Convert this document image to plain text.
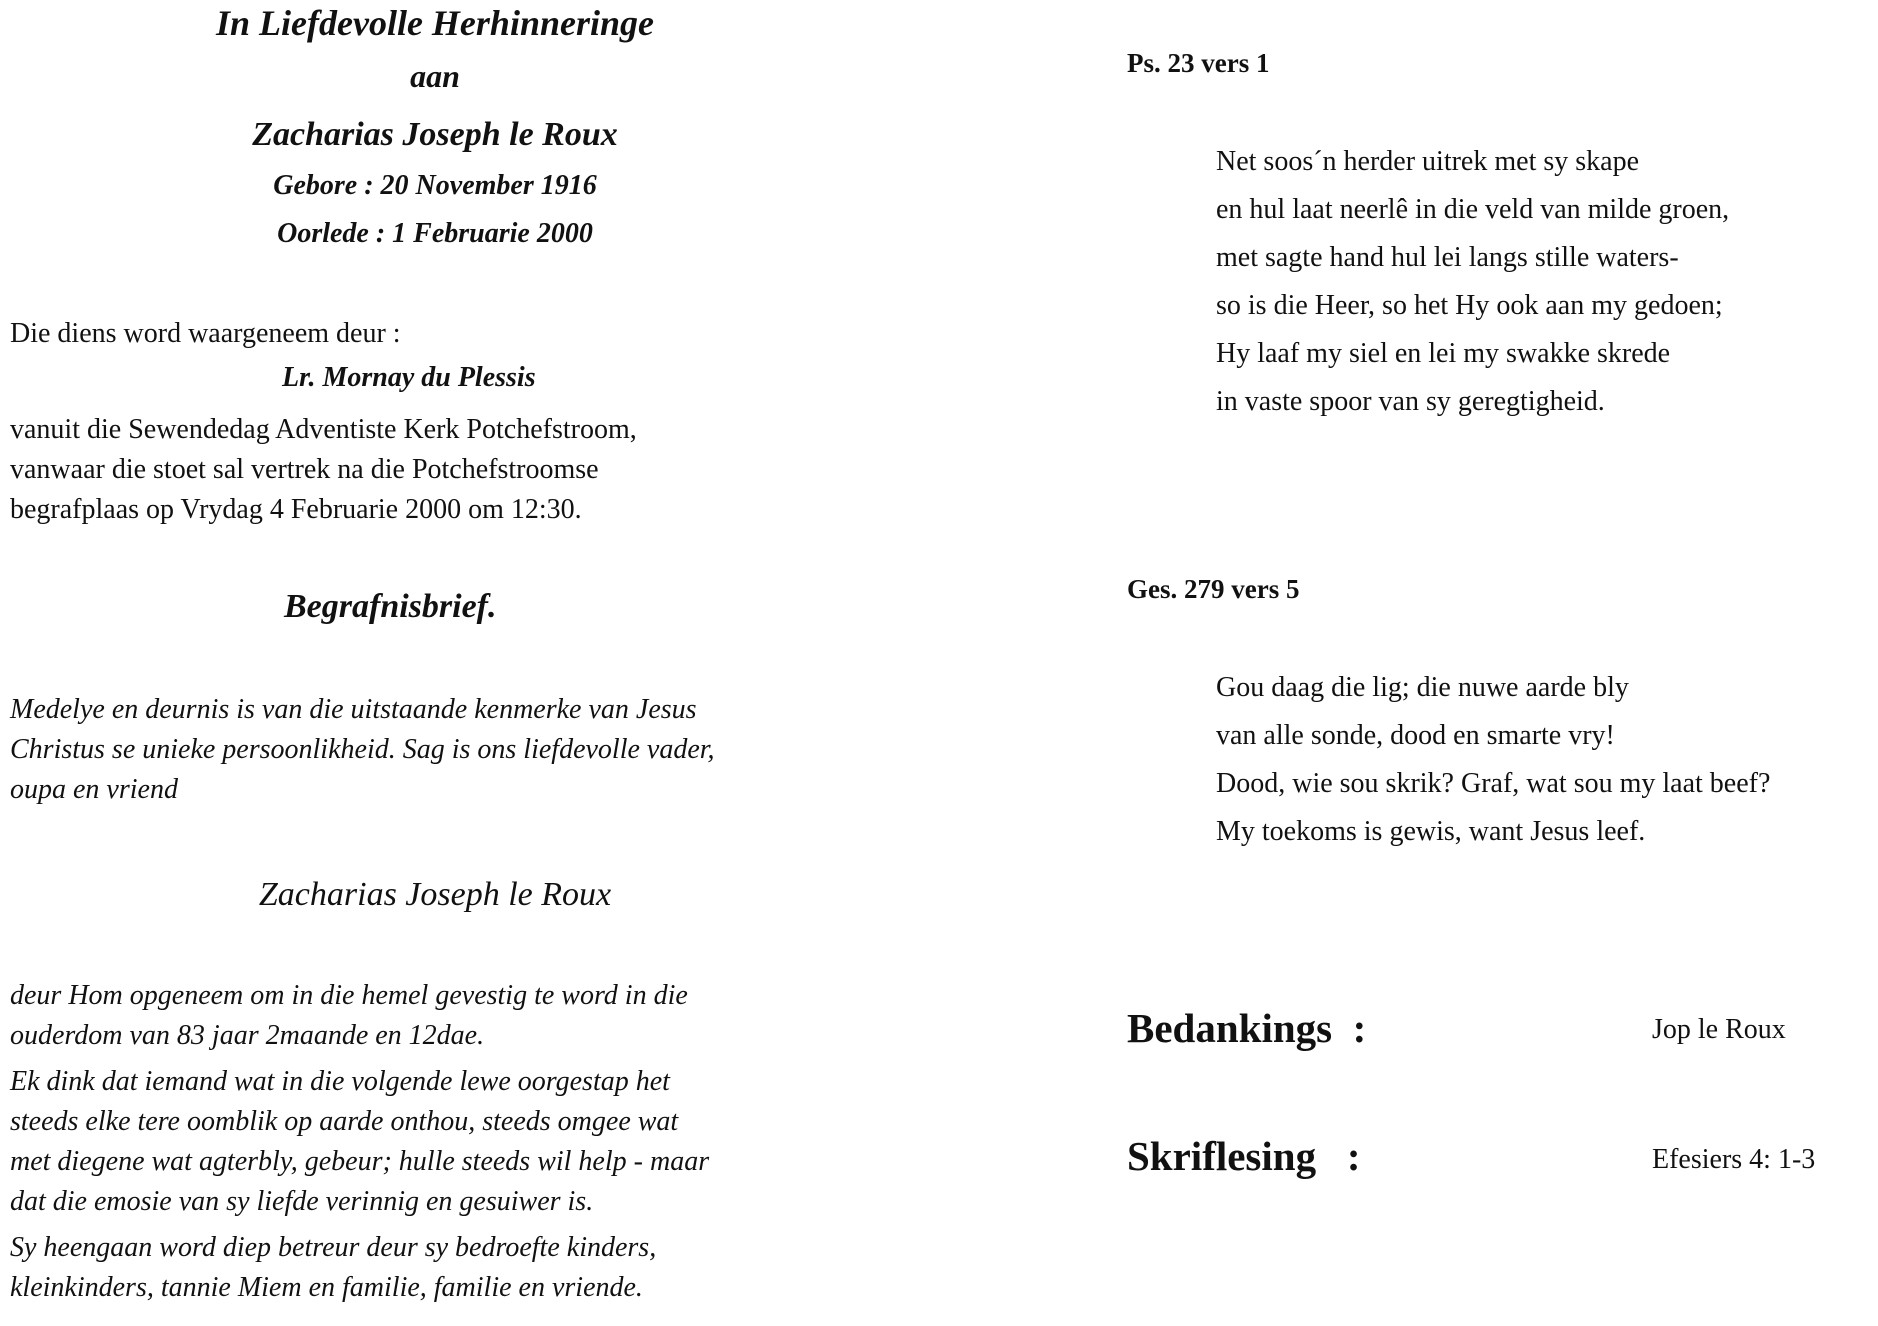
In Liefdevolle Herhinneringe
aan
Zacharias Joseph le Roux
Gebore : 20 November 1916
Oorlede : 1 Februarie 2000
Die diens word waargeneem deur :
Lr. Mornay du Plessis
vanuit die Sewendedag Adventiste Kerk Potchefstroom,
vanwaar die stoet sal vertrek na die Potchefstroomse
begrafplaas op Vrydag 4 Februarie 2000 om 12:30.
Begrafnisbrief.
Medelye en deurnis is van die uitstaande kenmerke van Jesus
Christus se unieke persoonlikheid. Sag is ons liefdevolle vader,
oupa en vriend
Zacharias Joseph le Roux
deur Hom opgeneem om in die hemel gevestig te word in die
ouderdom van 83 jaar 2maande en 12dae.
Ek dink dat iemand wat in die volgende lewe oorgestap het
steeds elke tere oomblik op aarde onthou, steeds omgee wat
met diegene wat agterbly, gebeur; hulle steeds wil help - maar
dat die emosie van sy liefde verinnig en gesuiwer is.
Sy heengaan word diep betreur deur sy bedroefte kinders,
kleinkinders, tannie Miem en familie, familie en vriende.
Ps. 23 vers 1
Net soos´n herder uitrek met sy skape
en hul laat neerlê in die veld van milde groen,
met sagte hand hul lei langs stille waters-
so is die Heer, so het Hy ook aan my gedoen;
Hy laaf my siel en lei my swakke skrede
in vaste spoor van sy geregtigheid.
Ges. 279 vers 5
Gou daag die lig; die nuwe aarde bly
van alle sonde, dood en smarte vry!
Dood, wie sou skrik? Graf, wat sou my laat beef?
My toekoms is gewis, want Jesus leef.
Bedankings  :	Jop le Roux
Skriflesing   :	Efesiers 4: 1-3
